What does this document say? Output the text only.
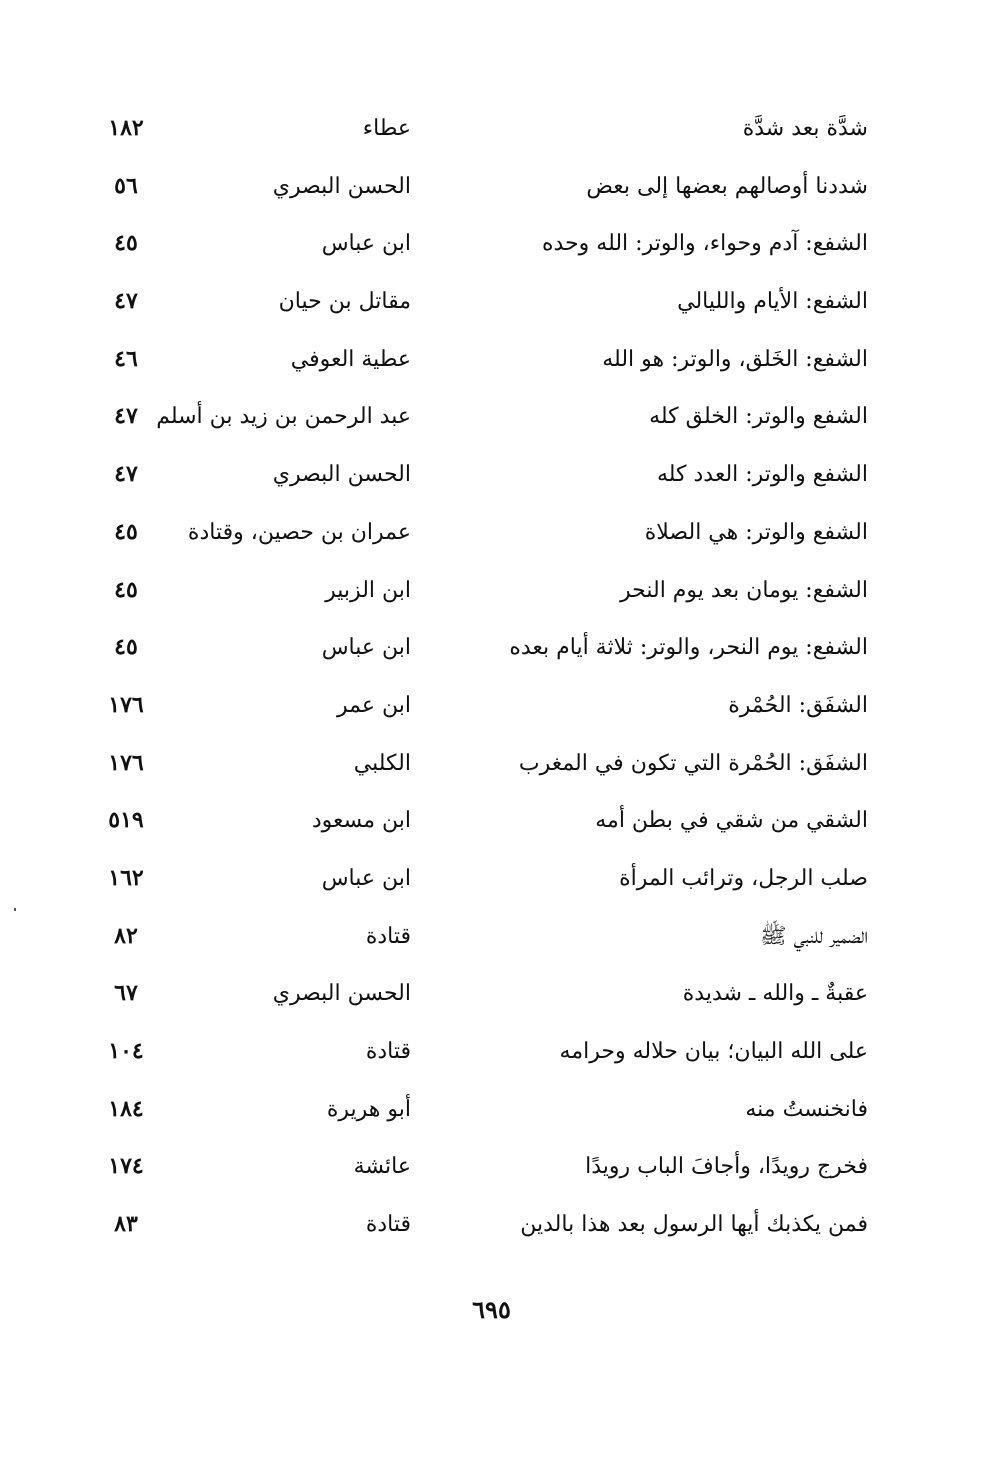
شدَّة بعد شدَّة
عطاء
١٨٢
شددنا أوصالهم بعضها إلى بعض
الحسن البصري
٥٦
الشفع: آدم وحواء، والوتر: الله وحده
ابن عباس
٤٥
الشفع: الأيام والليالي
مقاتل بن حيان
٤٧
الشفع: الخَلق، والوتر: هو الله
عطية العوفي
٤٦
الشفع والوتر: الخلق كله
عبد الرحمن بن زيد بن أسلم
٤٧
الشفع والوتر: العدد كله
الحسن البصري
٤٧
الشفع والوتر: هي الصلاة
عمران بن حصين، وقتادة
٤٥
الشفع: يومان بعد يوم النحر
ابن الزبير
٤٥
الشفع: يوم النحر، والوتر: ثلاثة أيام بعده
ابن عباس
٤٥
الشفَق: الحُمْرة
ابن عمر
١٧٦
الشفَق: الحُمْرة التي تكون في المغرب
الكلبي
١٧٦
الشقي من شقي في بطن أمه
ابن مسعود
٥١٩
صلب الرجل، وترائب المرأة
ابن عباس
١٦٢
الضمير للنبي ﷺ
قتادة
٨٢
عقبةٌ ـ والله ـ شديدة
الحسن البصري
٦٧
على الله البيان؛ بيان حلاله وحرامه
قتادة
١٠٤
فانخنستُ منه
أبو هريرة
١٨٤
فخرج رويدًا، وأجافَ الباب رويدًا
عائشة
١٧٤
فمن يكذبك أيها الرسول بعد هذا بالدين
قتادة
٨٣
٦٩٥
